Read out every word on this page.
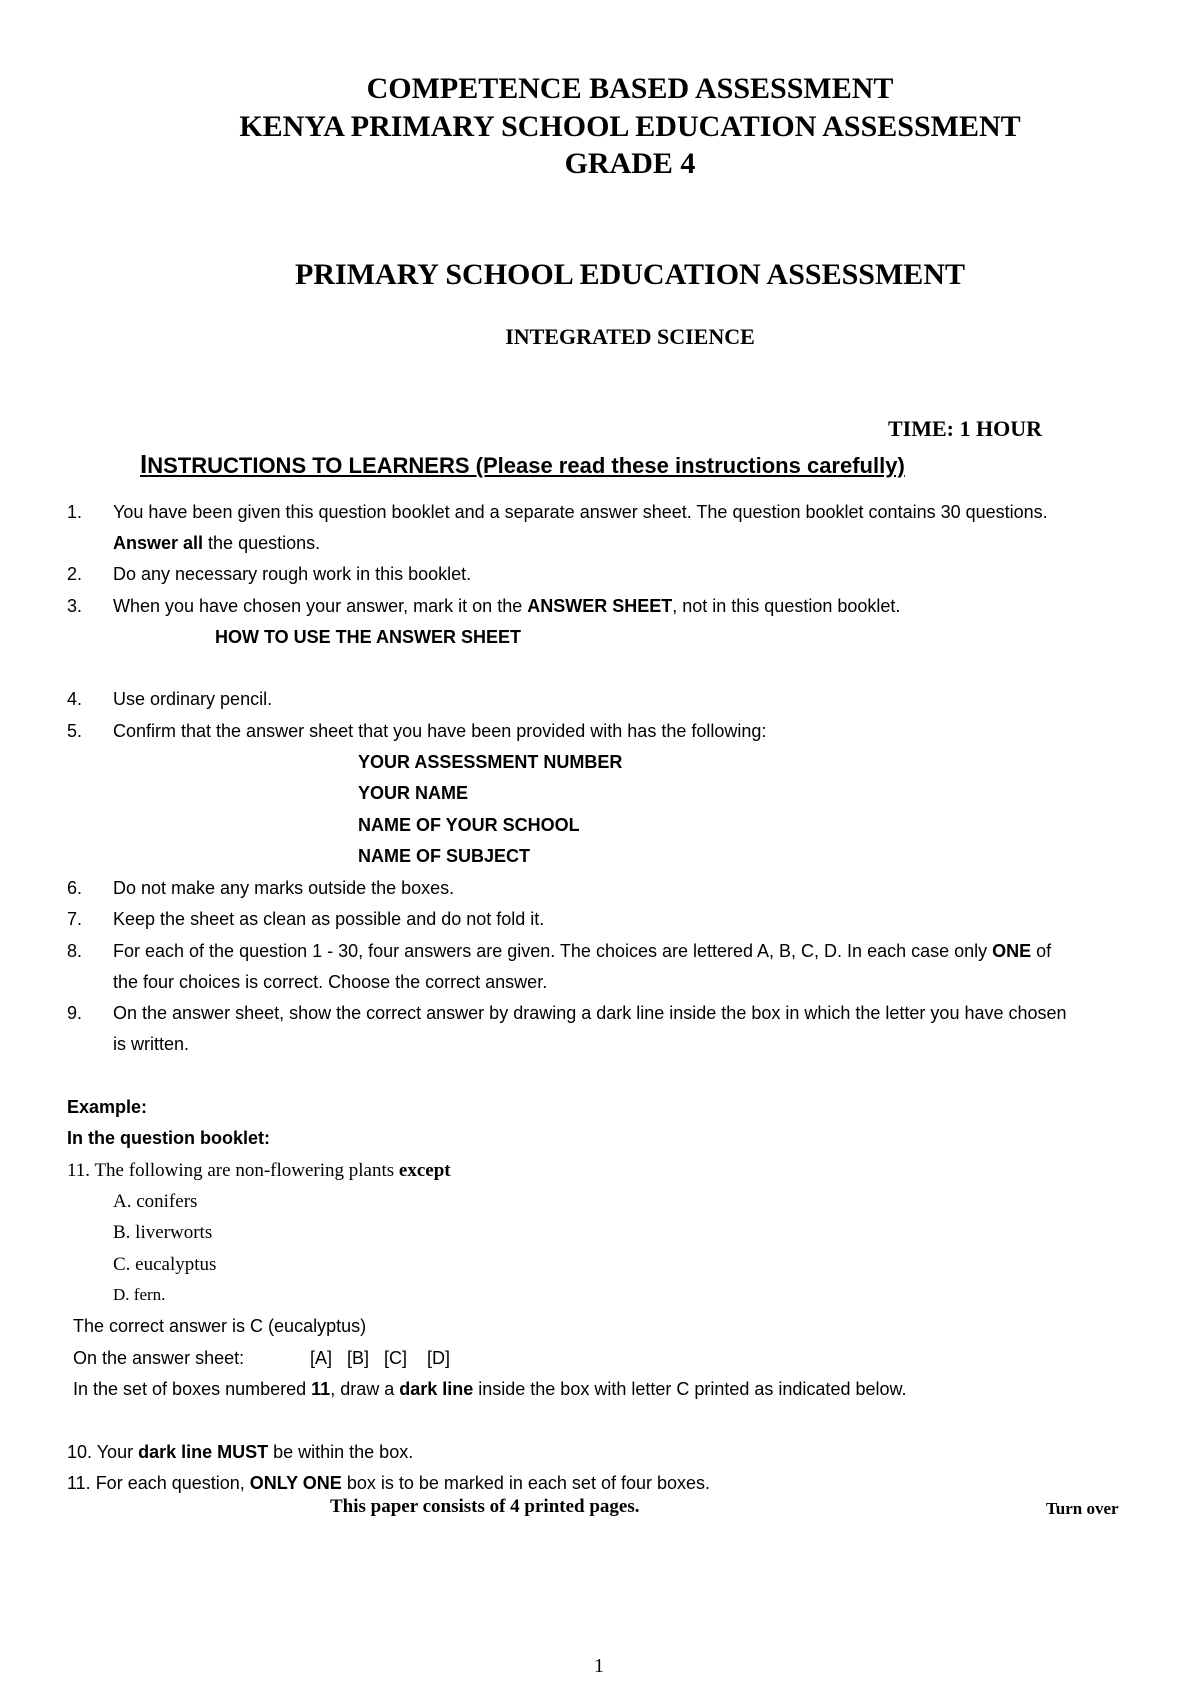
COMPETENCE BASED ASSESSMENT
KENYA PRIMARY SCHOOL EDUCATION ASSESSMENT
GRADE 4
PRIMARY SCHOOL EDUCATION ASSESSMENT
INTEGRATED SCIENCE
TIME: 1 HOUR
INSTRUCTIONS TO LEARNERS (Please read these instructions carefully)
1. You have been given this question booklet and a separate answer sheet. The question booklet contains 30 questions.
Answer all the questions.
2. Do any necessary rough work in this booklet.
3. When you have chosen your answer, mark it on the ANSWER SHEET, not in this question booklet.
HOW TO USE THE ANSWER SHEET
4. Use ordinary pencil.
5. Confirm that the answer sheet that you have been provided with has the following:
YOUR ASSESSMENT NUMBER
YOUR NAME
NAME OF YOUR SCHOOL
NAME OF SUBJECT
6. Do not make any marks outside the boxes.
7. Keep the sheet as clean as possible and do not fold it.
8. For each of the question 1 - 30, four answers are given. The choices are lettered A, B, C, D. In each case only ONE of
the four choices is correct. Choose the correct answer.
9. On the answer sheet, show the correct answer by drawing a dark line inside the box in which the letter you have chosen
is written.
Example:
In the question booklet:
11. The following are non-flowering plants except
A. conifers
B. liverworts
C. eucalyptus
D. fern.
The correct answer is C (eucalyptus)
On the answer sheet:	[A]   [B]   [C]    [D]
In the set of boxes numbered 11, draw a dark line inside the box with letter C printed as indicated below.
10. Your dark line MUST be within the box.
11. For each question, ONLY ONE box is to be marked in each set of four boxes.
This paper consists of 4 printed pages.	Turn over
1
